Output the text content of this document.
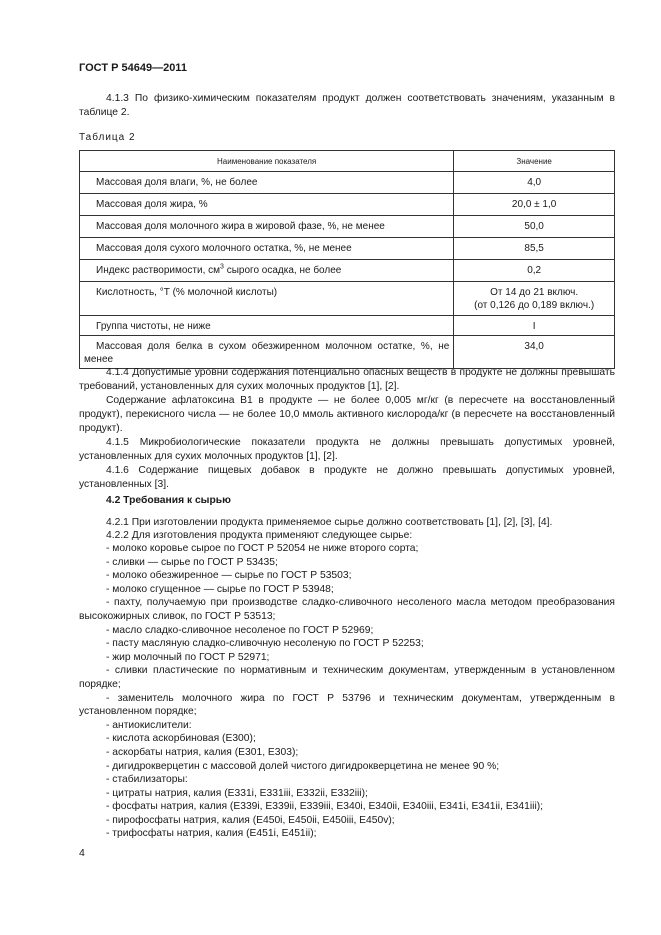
ГОСТ Р 54649—2011
4.1.3 По физико-химическим показателям продукт должен соответствовать значениям, указанным в таблице 2.
Таблица 2
Наименование показателя	Значение
Массовая доля влаги, %, не более	4,0
Массовая доля жира, %	20,0 ± 1,0
Массовая доля молочного жира в жировой фазе, %, не менее	50,0
Массовая доля сухого молочного остатка, %, не менее	85,5
Индекс растворимости, $см^3$ сырого осадка, не более	0,2
Кислотность, °Т (% молочной кислоты)	От 14 до 21 включ.
(от 0,126 до 0,189 включ.)

Группа чистоты, не ниже	I
Массовая доля белка в сухом обезжиренном молочном остатке, %, не менее	34,0
4.1.4 Допустимые уровни содержания потенциально опасных веществ в продукте не должны превышать требований, установленных для сухих молочных продуктов [1], [2].
Содержание афлатоксина B1 в продукте — не более 0,005 мг/кг (в пересчете на восстановленный продукт), перекисного числа — не более 10,0 ммоль активного кислорода/кг (в пересчете на восстановленный продукт).
4.1.5 Микробиологические показатели продукта не должны превышать допустимых уровней, установленных для сухих молочных продуктов [1], [2].
4.1.6 Содержание пищевых добавок в продукте не должно превышать допустимых уровней, установленных [3].
4.2 Требования к сырью
4.2.1 При изготовлении продукта применяемое сырье должно соответствовать [1], [2], [3], [4].
4.2.2 Для изготовления продукта применяют следующее сырье:
- молоко коровье сырое по ГОСТ Р 52054 не ниже второго сорта;
- сливки — сырье по ГОСТ Р 53435;
- молоко обезжиренное — сырье по ГОСТ Р 53503;
- молоко сгущенное — сырье по ГОСТ Р 53948;
- пахту, получаемую при производстве сладко-сливочного несоленого масла методом преобразования высокожирных сливок, по ГОСТ Р 53513;
- масло сладко-сливочное несоленое по ГОСТ Р 52969;
- пасту масляную сладко-сливочную несоленую по ГОСТ Р 52253;
- жир молочный по ГОСТ Р 52971;
- сливки пластические по нормативным и техническим документам, утвержденным в установленном порядке;
- заменитель молочного жира по ГОСТ Р 53796 и техническим документам, утвержденным в установленном порядке;
- антиокислители:
- кислота аскорбиновая (Е300);
- аскорбаты натрия, калия (Е301, Е303);
- дигидрокверцетин с массовой долей чистого дигидрокверцетина не менее 90 %;
- стабилизаторы:
- цитраты натрия, калия (Е331i, Е331iii, Е332ii, Е332iii);
- фосфаты натрия, калия (Е339i, Е339ii, Е339iii, Е340i, Е340ii, Е340iii, Е341i, Е341ii, Е341iii);
- пирофосфаты натрия, калия (Е450i, Е450ii, Е450iii, Е450v);
- трифосфаты натрия, калия (Е451i, Е451ii);
4
